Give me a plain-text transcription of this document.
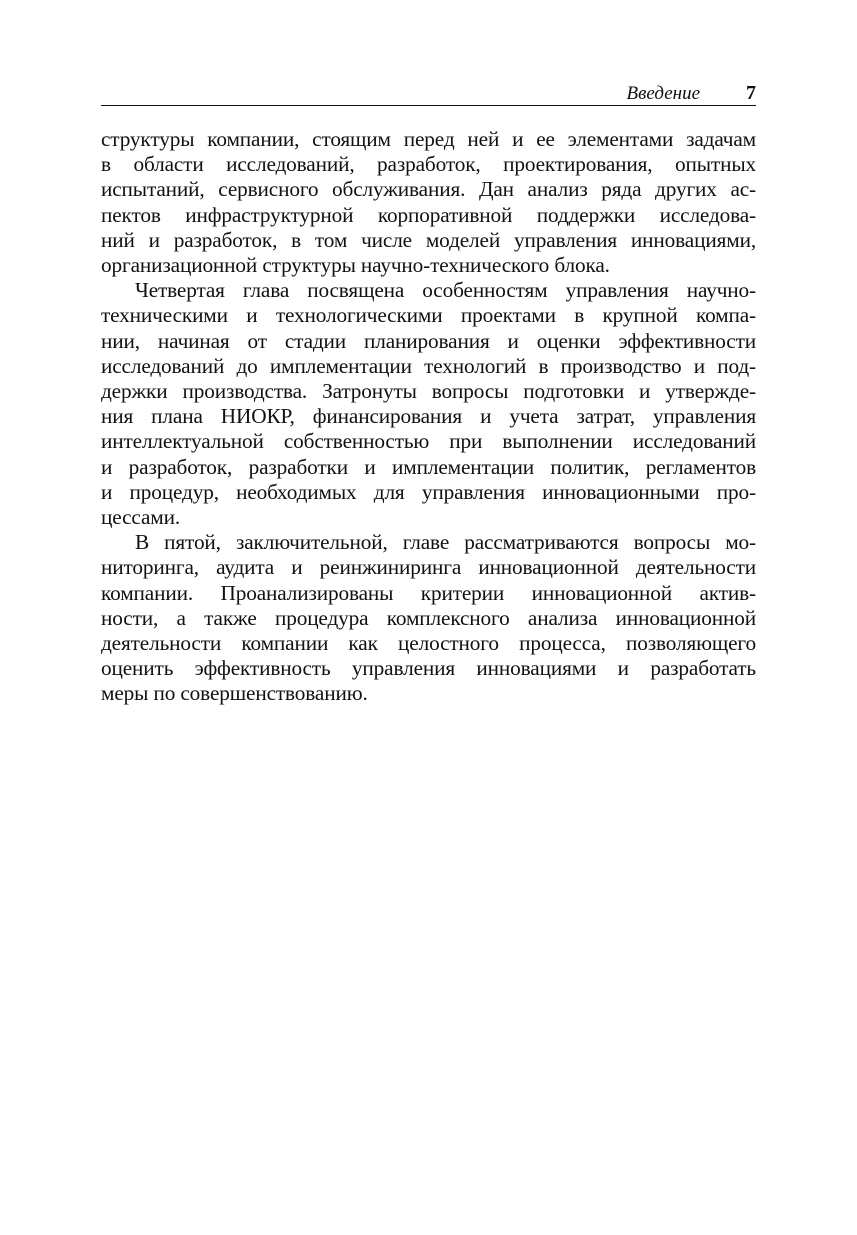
Введение 7

структуры компании, стоящим перед ней и ее элементами задачам
в области исследований, разработок, проектирования, опытных
испытаний, сервисного обслуживания. Дан анализ ряда других ас-
пектов инфраструктурной корпоративной поддержки исследова-
ний и разработок, в том числе моделей управления инновациями,
организационной структуры научно-технического блока.

Четвертая глава посвящена особенностям управления научно-
техническими и технологическими проектами в крупной компа-
нии, начиная от стадии планирования и оценки эффективности
исследований до имплементации технологий в производство и под-
держки производства. Затронуты вопросы подготовки и утвержде-
ния плана НИОКР, финансирования и учета затрат, управления
интеллектуальной собственностью при выполнении исследований
и разработок, разработки и имплементации политик, регламентов
и процедур, необходимых для управления инновационными про-
цессами.

В пятой, заключительной, главе рассматриваются вопросы мо-
ниторинга, аудита и реинжиниринга инновационной деятельности
компании. Проанализированы критерии инновационной актив-
ности, а также процедура комплексного анализа инновационной
деятельности компании как целостного процесса, позволяющего
оценить эффективность управления инновациями и разработать
меры по совершенствованию.
